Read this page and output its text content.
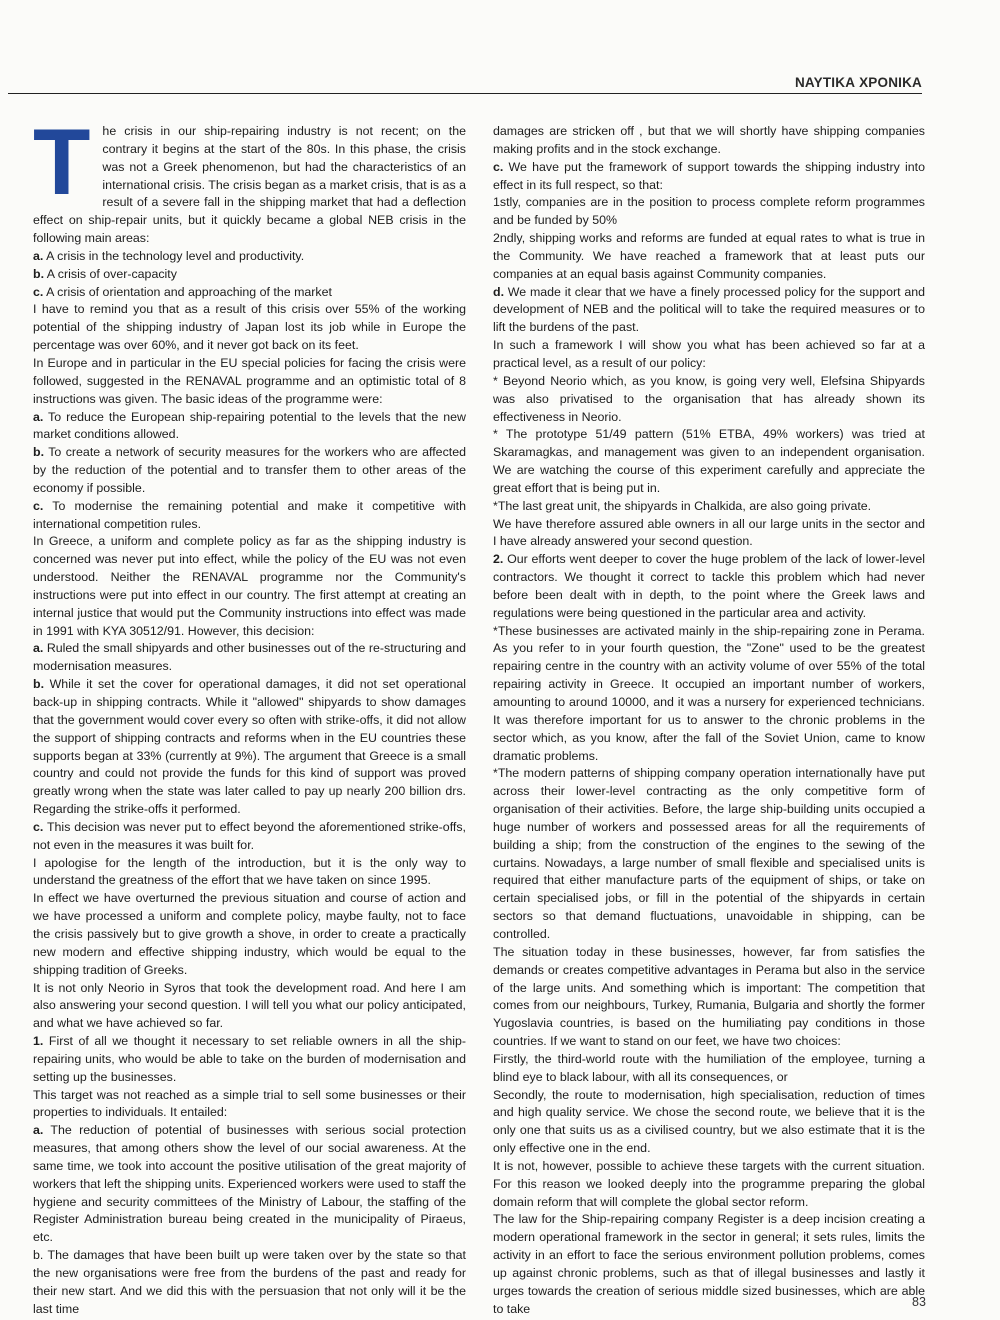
ΝΑΥΤΙΚΑ ΧΡΟΝΙΚΑ
T he crisis in our ship-repairing industry is not recent; on the contrary it begins at the start of the 80s. In this phase, the crisis was not a Greek phenomenon, but had the characteristics of an international crisis. The crisis began as a market crisis, that is as a result of a severe fall in the shipping market that had a deflection effect on ship-repair units, but it quickly became a global NEB crisis in the following main areas:

a. A crisis in the technology level and productivity.

b. A crisis of over-capacity

c. A crisis of orientation and approaching of the market

I have to remind you that as a result of this crisis over 55% of the working potential of the shipping industry of Japan lost its job while in Europe the percentage was over 60%, and it never got back on its feet.

In Europe and in particular in the EU special policies for facing the crisis were followed, suggested in the RENAVAL programme and an optimistic total of 8 instructions was given. The basic ideas of the programme were:

a. To reduce the European ship-repairing potential to the levels that the new market conditions allowed.

b. To create a network of security measures for the workers who are affected by the reduction of the potential and to transfer them to other areas of the economy if possible.

c. To modernise the remaining potential and make it competitive with international competition rules.

In Greece, a uniform and complete policy as far as the shipping industry is concerned was never put into effect, while the policy of the EU was not even understood. Neither the RENAVAL programme nor the Community's instructions were put into effect in our country. The first attempt at creating an internal justice that would put the Community instructions into effect was made in 1991 with KYA 30512/91. However, this decision:

a. Ruled the small shipyards and other businesses out of the re-structuring and modernisation measures.

b. While it set the cover for operational damages, it did not set operational back-up in shipping contracts. While it "allowed" shipyards to show damages that the government would cover every so often with strike-offs, it did not allow the support of shipping contracts and reforms when in the EU countries these supports began at 33% (currently at 9%). The argument that Greece is a small country and could not provide the funds for this kind of support was proved greatly wrong when the state was later called to pay up nearly 200 billion drs. Regarding the strike-offs it performed.

c. This decision was never put to effect beyond the aforementioned strike-offs, not even in the measures it was built for.

I apologise for the length of the introduction, but it is the only way to understand the greatness of the effort that we have taken on since 1995.

In effect we have overturned the previous situation and course of action and we have processed a uniform and complete policy, maybe faulty, not to face the crisis passively but to give growth a shove, in order to create a practically new modern and effective shipping industry, which would be equal to the shipping tradition of Greeks.

It is not only Neorio in Syros that took the development road. And here I am also answering your second question. I will tell you what our policy anticipated, and what we have achieved so far.

1. First of all we thought it necessary to set reliable owners in all the ship-repairing units, who would be able to take on the burden of modernisation and setting up the businesses.

This target was not reached as a simple trial to sell some businesses or their properties to individuals. It entailed:

a. The reduction of potential of businesses with serious social protection measures, that among others show the level of our social awareness. At the same time, we took into account the positive utilisation of the great majority of workers that left the shipping units. Experienced workers were used to staff the hygiene and security committees of the Ministry of Labour, the staffing of the Register Administration bureau being created in the municipality of Piraeus, etc.

b. The damages that have been built up were taken over by the state so that the new organisations were free from the burdens of the past and ready for their new start. And we did this with the persuasion that not only will it be the last time

damages are stricken off , but that we will shortly have shipping companies making profits and in the stock exchange.

c. We have put the framework of support towards the shipping industry into effect in its full respect, so that:

1stly, companies are in the position to process complete reform programmes and be funded by 50%

2ndly, shipping works and reforms are funded at equal rates to what is true in the Community. We have reached a framework that at least puts our companies at an equal basis against Community companies.

d. We made it clear that we have a finely processed policy for the support and development of NEB and the political will to take the required measures or to lift the burdens of the past.

In such a framework I will show you what has been achieved so far at a practical level, as a result of our policy:

* Beyond Neorio which, as you know, is going very well, Elefsina Shipyards was also privatised to the organisation that has already shown its effectiveness in Neorio.

* The prototype 51/49 pattern (51% ETBA, 49% workers) was tried at Skaramagkas, and management was given to an independent organisation. We are watching the course of this experiment carefully and appreciate the great effort that is being put in.

*The last great unit, the shipyards in Chalkida, are also going private.

We have therefore assured able owners in all our large units in the sector and I have already answered your second question.

2. Our efforts went deeper to cover the huge problem of the lack of lower-level contractors. We thought it correct to tackle this problem which had never before been dealt with in depth, to the point where the Greek laws and regulations were being questioned in the particular area and activity.

*These businesses are activated mainly in the ship-repairing zone in Perama. As you refer to in your fourth question, the "Zone" used to be the greatest repairing centre in the country with an activity volume of over 55% of the total repairing activity in Greece. It occupied an important number of workers, amounting to around 10000, and it was a nursery for experienced technicians. It was therefore important for us to answer to the chronic problems in the sector which, as you know, after the fall of the Soviet Union, came to know dramatic problems.

*The modern patterns of shipping company operation internationally have put across their lower-level contracting as the only competitive form of organisation of their activities. Before, the large ship-building units occupied a huge number of workers and possessed areas for all the requirements of building a ship; from the construction of the engines to the sewing of the curtains. Nowadays, a large number of small flexible and specialised units is required that either manufacture parts of the equipment of ships, or take on certain specialised jobs, or fill in the potential of the shipyards in certain sectors so that demand fluctuations, unavoidable in shipping, can be controlled.

The situation today in these businesses, however, far from satisfies the demands or creates competitive advantages in Perama but also in the service of the large units. And something which is important: The competition that comes from our neighbours, Turkey, Rumania, Bulgaria and shortly the former Yugoslavia countries, is based on the humiliating pay conditions in those countries. If we want to stand on our feet, we have two choices:

Firstly, the third-world route with the humiliation of the employee, turning a blind eye to black labour, with all its consequences, or

Secondly, the route to modernisation, high specialisation, reduction of times and high quality service. We chose the second route, we believe that it is the only one that suits us as a civilised country, but we also estimate that it is the only effective one in the end.

It is not, however, possible to achieve these targets with the current situation. For this reason we looked deeply into the programme preparing the global domain reform that will complete the global sector reform.

The law for the Ship-repairing company Register is a deep incision creating a modern operational framework in the sector in general; it sets rules, limits the activity in an effort to face the serious environment pollution problems, comes up against chronic problems, such as that of illegal businesses and lastly it urges towards the creation of serious middle sized businesses, which are able to take	83
